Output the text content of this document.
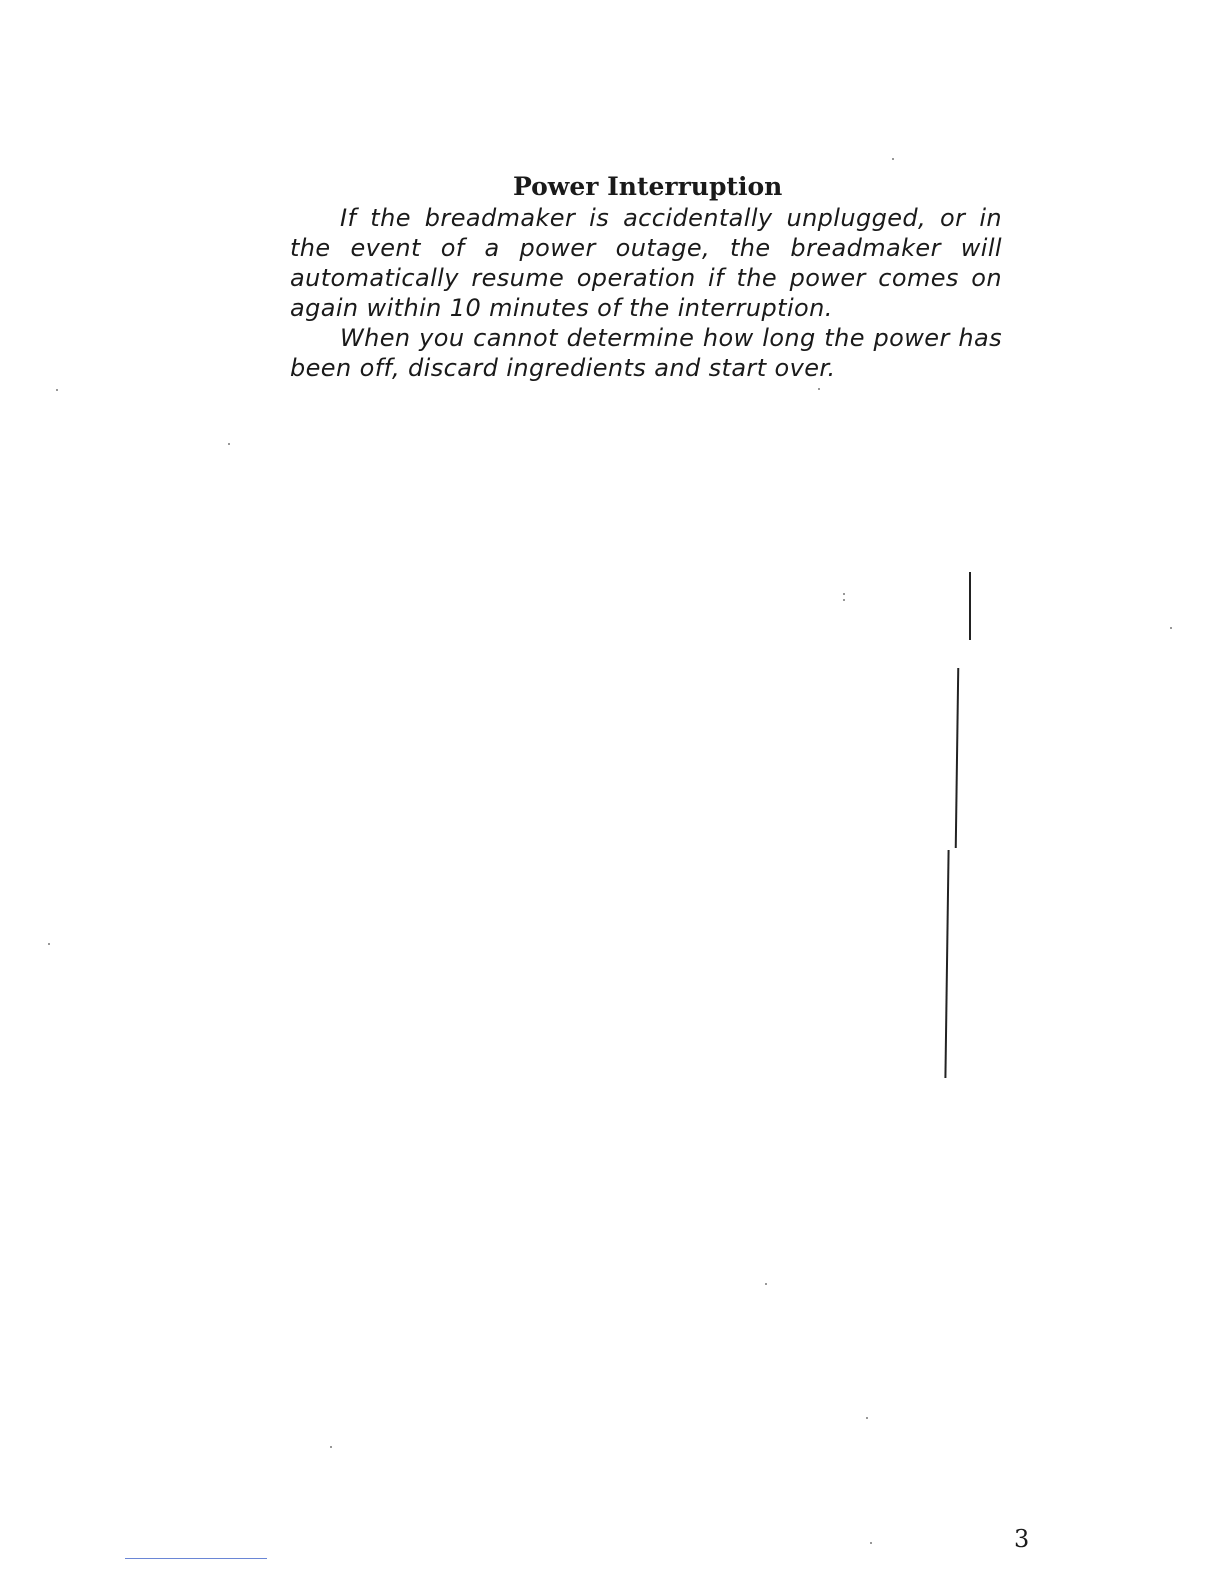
Power Interruption

If the breadmaker is accidentally unplugged, or in the event of a power outage, the breadmaker will automatically resume operation if the power comes on again within 10 minutes of the interruption.

When you cannot determine how long the power has been off, discard ingredients and start over.

3
